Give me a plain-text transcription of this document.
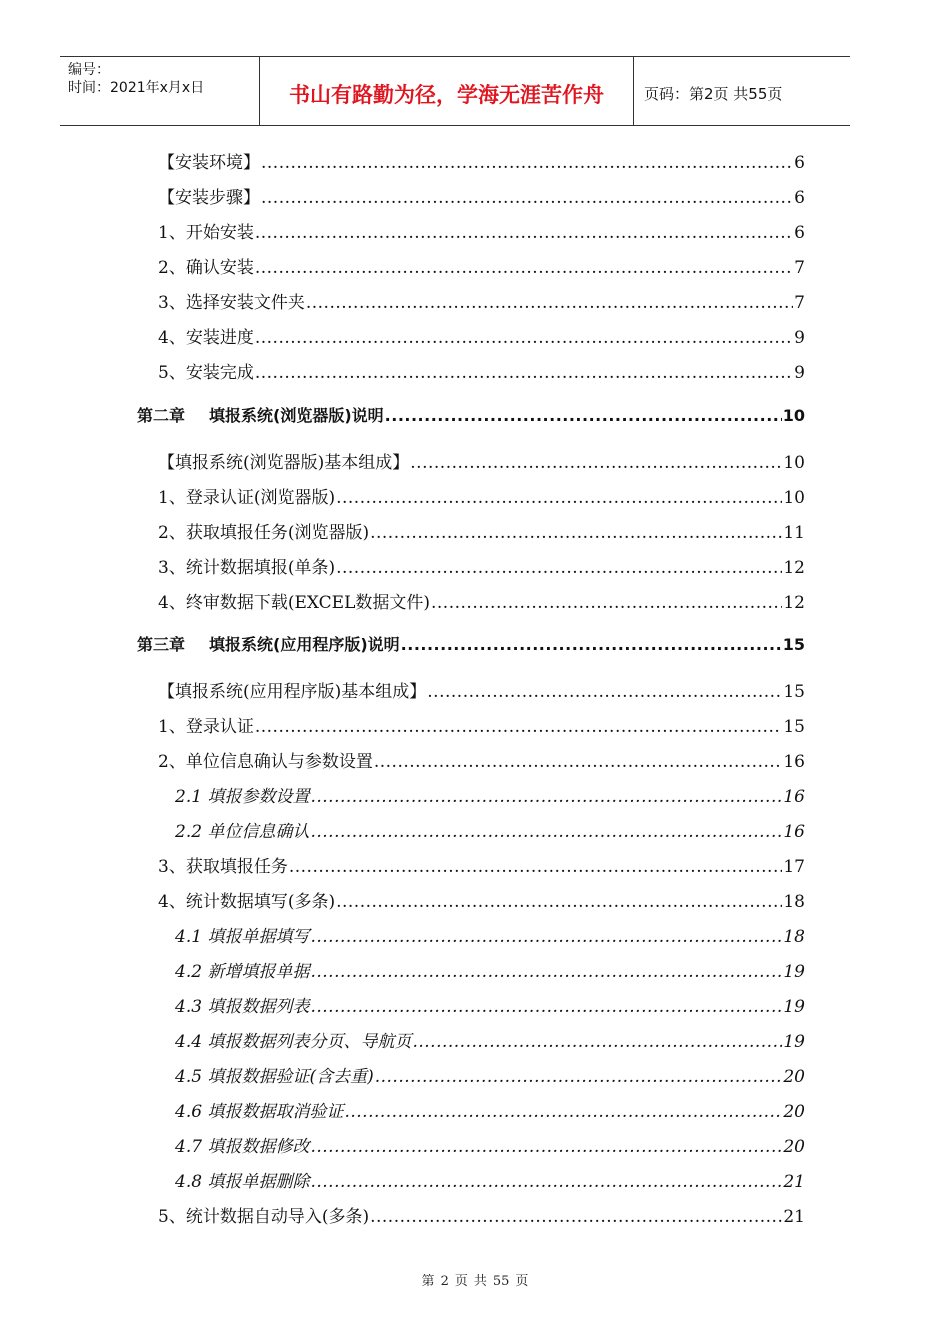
编号：
时间：2021年x月x日	书山有路勤为径，学海无涯苦作舟	页码：第2页 共55页
【安装环境】 .....	6
【安装步骤】 .....	6
1、开始安装 .....	6
2、确认安装 .....	7
3、选择安装文件夹 .....	7
4、安装进度 .....	9
5、安装完成 .....	9
第二章 填报系统(浏览器版)说明 .....	10
【填报系统(浏览器版)基本组成】 .....	10
1、登录认证(浏览器版) .....	10
2、获取填报任务(浏览器版) .....	11
3、统计数据填报(单条) .....	12
4、终审数据下载(EXCEL数据文件) .....	12
第三章 填报系统(应用程序版)说明 .....	15
【填报系统(应用程序版)基本组成】 .....	15
1、登录认证 .....	15
2、单位信息确认与参数设置 .....	16
2.1 填报参数设置 .....	16
2.2 单位信息确认 .....	16
3、获取填报任务 .....	17
4、统计数据填写(多条) .....	18
4.1 填报单据填写 .....	18
4.2 新增填报单据 .....	19
4.3 填报数据列表 .....	19
4.4 填报数据列表分页、导航页 .....	19
4.5 填报数据验证(含去重) .....	20
4.6 填报数据取消验证 .....	20
4.7 填报数据修改 .....	20
4.8 填报单据删除 .....	21
5、统计数据自动导入(多条) .....	21
第 2 页 共 55 页
